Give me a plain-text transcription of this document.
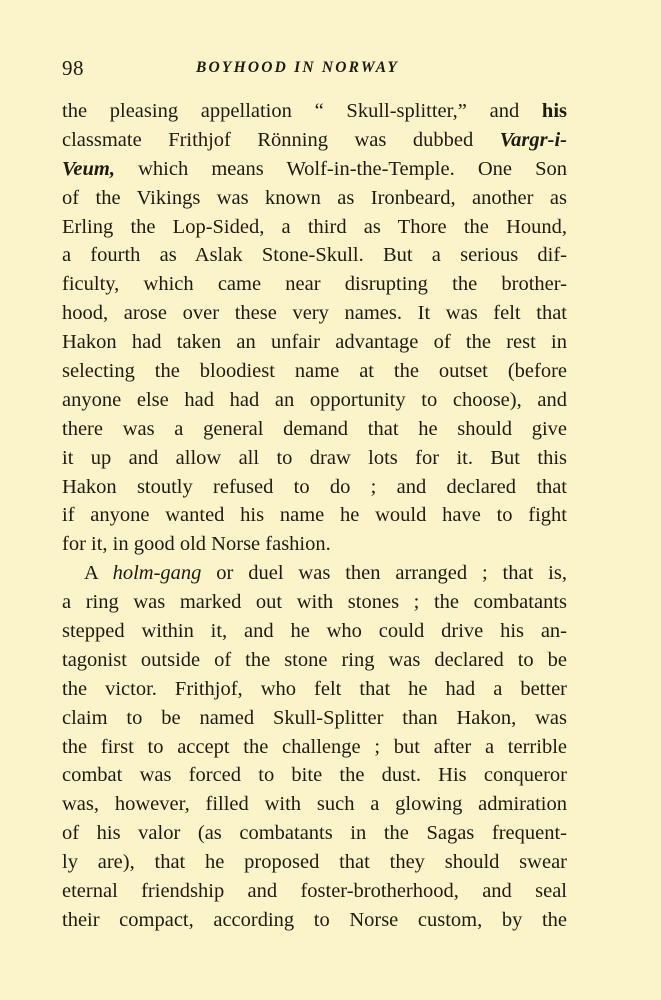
98	BOYHOOD IN NORWAY
the pleasing appellation “ Skull-splitter,” and his
classmate Frithjof Rönning was dubbed Vargr-i-
Veum, which means Wolf-in-the-Temple. One Son
of the Vikings was known as Ironbeard, another as
Erling the Lop-Sided, a third as Thore the Hound,
a fourth as Aslak Stone-Skull. But a serious dif-
ficulty, which came near disrupting the brother-
hood, arose over these very names. It was felt that
Hakon had taken an unfair advantage of the rest in
selecting the bloodiest name at the outset (before
anyone else had had an opportunity to choose), and
there was a general demand that he should give
it up and allow all to draw lots for it. But this
Hakon stoutly refused to do ; and declared that
if anyone wanted his name he would have to fight
for it, in good old Norse fashion.
A holm-gang or duel was then arranged ; that is,
a ring was marked out with stones ; the combatants
stepped within it, and he who could drive his an-
tagonist outside of the stone ring was declared to be
the victor. Frithjof, who felt that he had a better
claim to be named Skull-Splitter than Hakon, was
the first to accept the challenge ; but after a terrible
combat was forced to bite the dust. His conqueror
was, however, filled with such a glowing admiration
of his valor (as combatants in the Sagas frequent-
ly are), that he proposed that they should swear
eternal friendship and foster-brotherhood, and seal
their compact, according to Norse custom, by the
